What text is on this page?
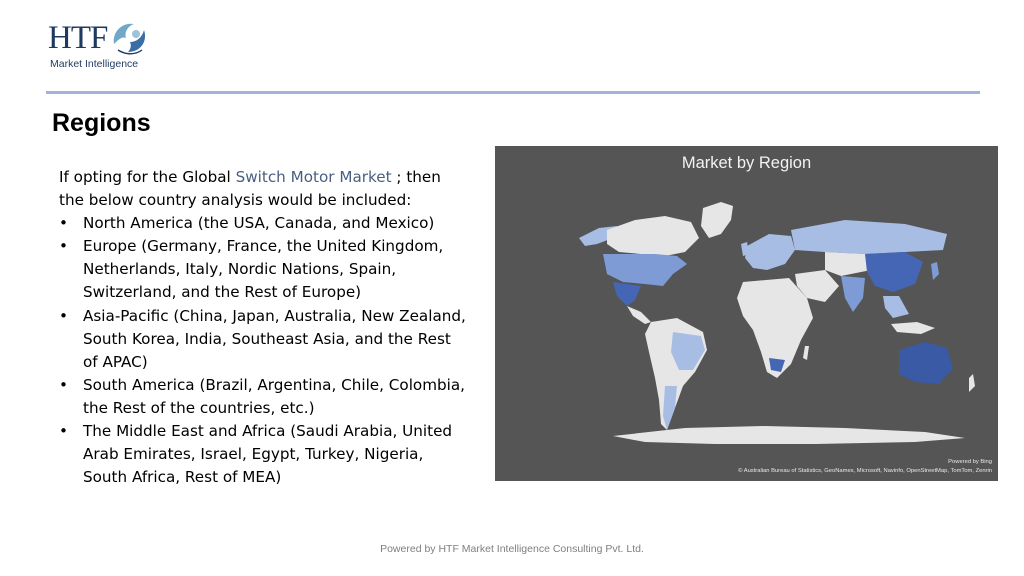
HTF
Market Intelligence
Regions
If opting for the Global Switch Motor Market ; then the below country analysis would be included:
• North America (the USA, Canada, and Mexico)
• Europe (Germany, France, the United Kingdom, Netherlands, Italy, Nordic Nations, Spain, Switzerland, and the Rest of Europe)
• Asia-Pacific (China, Japan, Australia, New Zealand, South Korea, India, Southeast Asia, and the Rest of APAC)
• South America (Brazil, Argentina, Chile, Colombia, the Rest of the countries, etc.)
• The Middle East and Africa (Saudi Arabia, United Arab Emirates, Israel, Egypt, Turkey, Nigeria, South Africa, Rest of MEA)
Market by Region
Powered by Bing
© Australian Bureau of Statistics, GeoNames, Microsoft, Navinfo, OpenStreetMap, TomTom, Zenrin
Powered by HTF Market Intelligence Consulting Pvt. Ltd.
